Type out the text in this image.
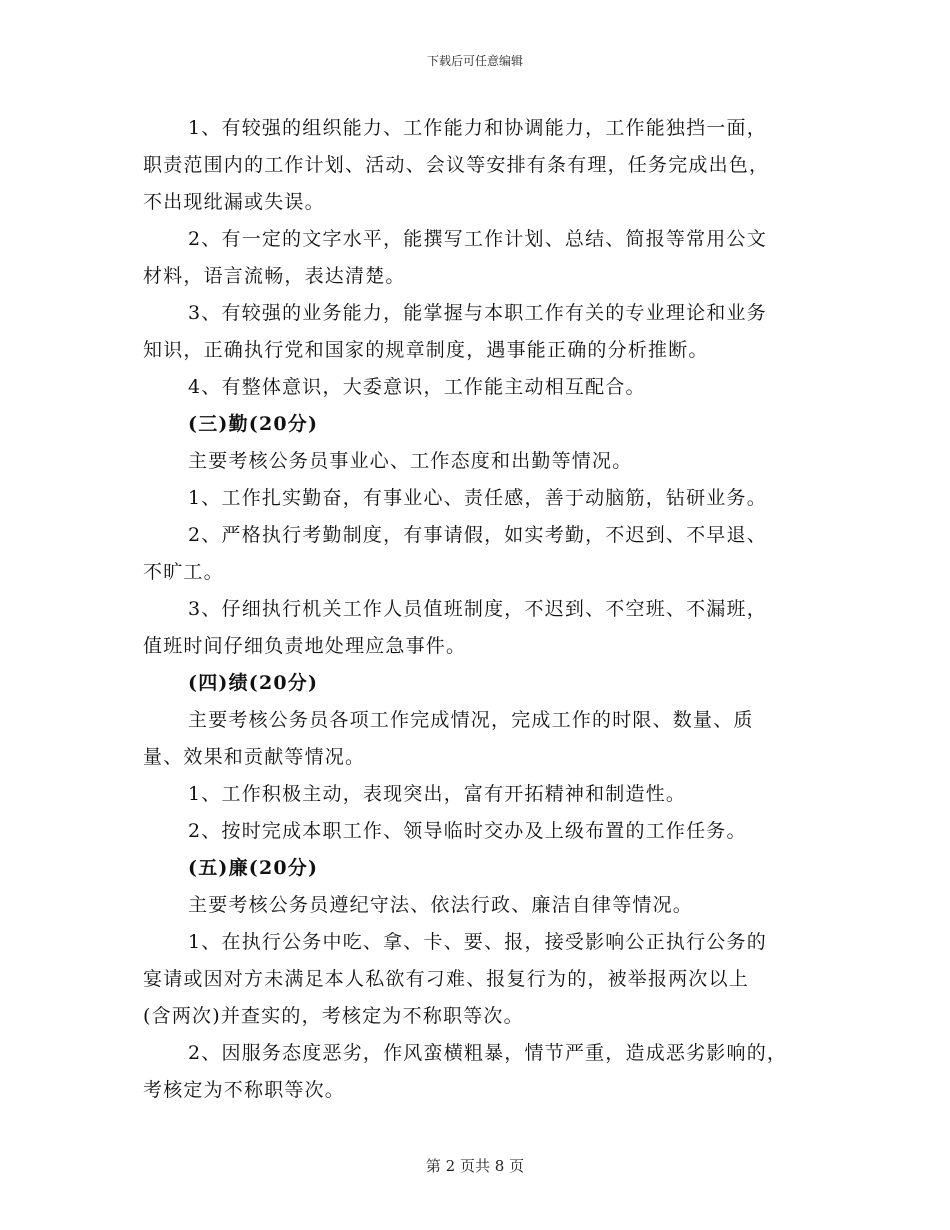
下载后可任意编辑

1、有较强的组织能力、工作能力和协调能力，工作能独挡一面，
职责范围内的工作计划、活动、会议等安排有条有理，任务完成出色，
不出现纰漏或失误。

2、有一定的文字水平，能撰写工作计划、总结、简报等常用公文
材料，语言流畅，表达清楚。

3、有较强的业务能力，能掌握与本职工作有关的专业理论和业务
知识，正确执行党和国家的规章制度，遇事能正确的分析推断。

4、有整体意识，大委意识，工作能主动相互配合。

(三)勤(20分)

主要考核公务员事业心、工作态度和出勤等情况。

1、工作扎实勤奋，有事业心、责任感，善于动脑筋，钻研业务。

2、严格执行考勤制度，有事请假，如实考勤，不迟到、不早退、
不旷工。

3、仔细执行机关工作人员值班制度，不迟到、不空班、不漏班，
值班时间仔细负责地处理应急事件。

(四)绩(20分)

主要考核公务员各项工作完成情况，完成工作的时限、数量、质
量、效果和贡献等情况。

1、工作积极主动，表现突出，富有开拓精神和制造性。

2、按时完成本职工作、领导临时交办及上级布置的工作任务。

(五)廉(20分)

主要考核公务员遵纪守法、依法行政、廉洁自律等情况。

1、在执行公务中吃、拿、卡、要、报，接受影响公正执行公务的
宴请或因对方未满足本人私欲有刁难、报复行为的，被举报两次以上
(含两次)并查实的，考核定为不称职等次。

2、因服务态度恶劣，作风蛮横粗暴，情节严重，造成恶劣影响的，
考核定为不称职等次。

第 2 页共 8 页
